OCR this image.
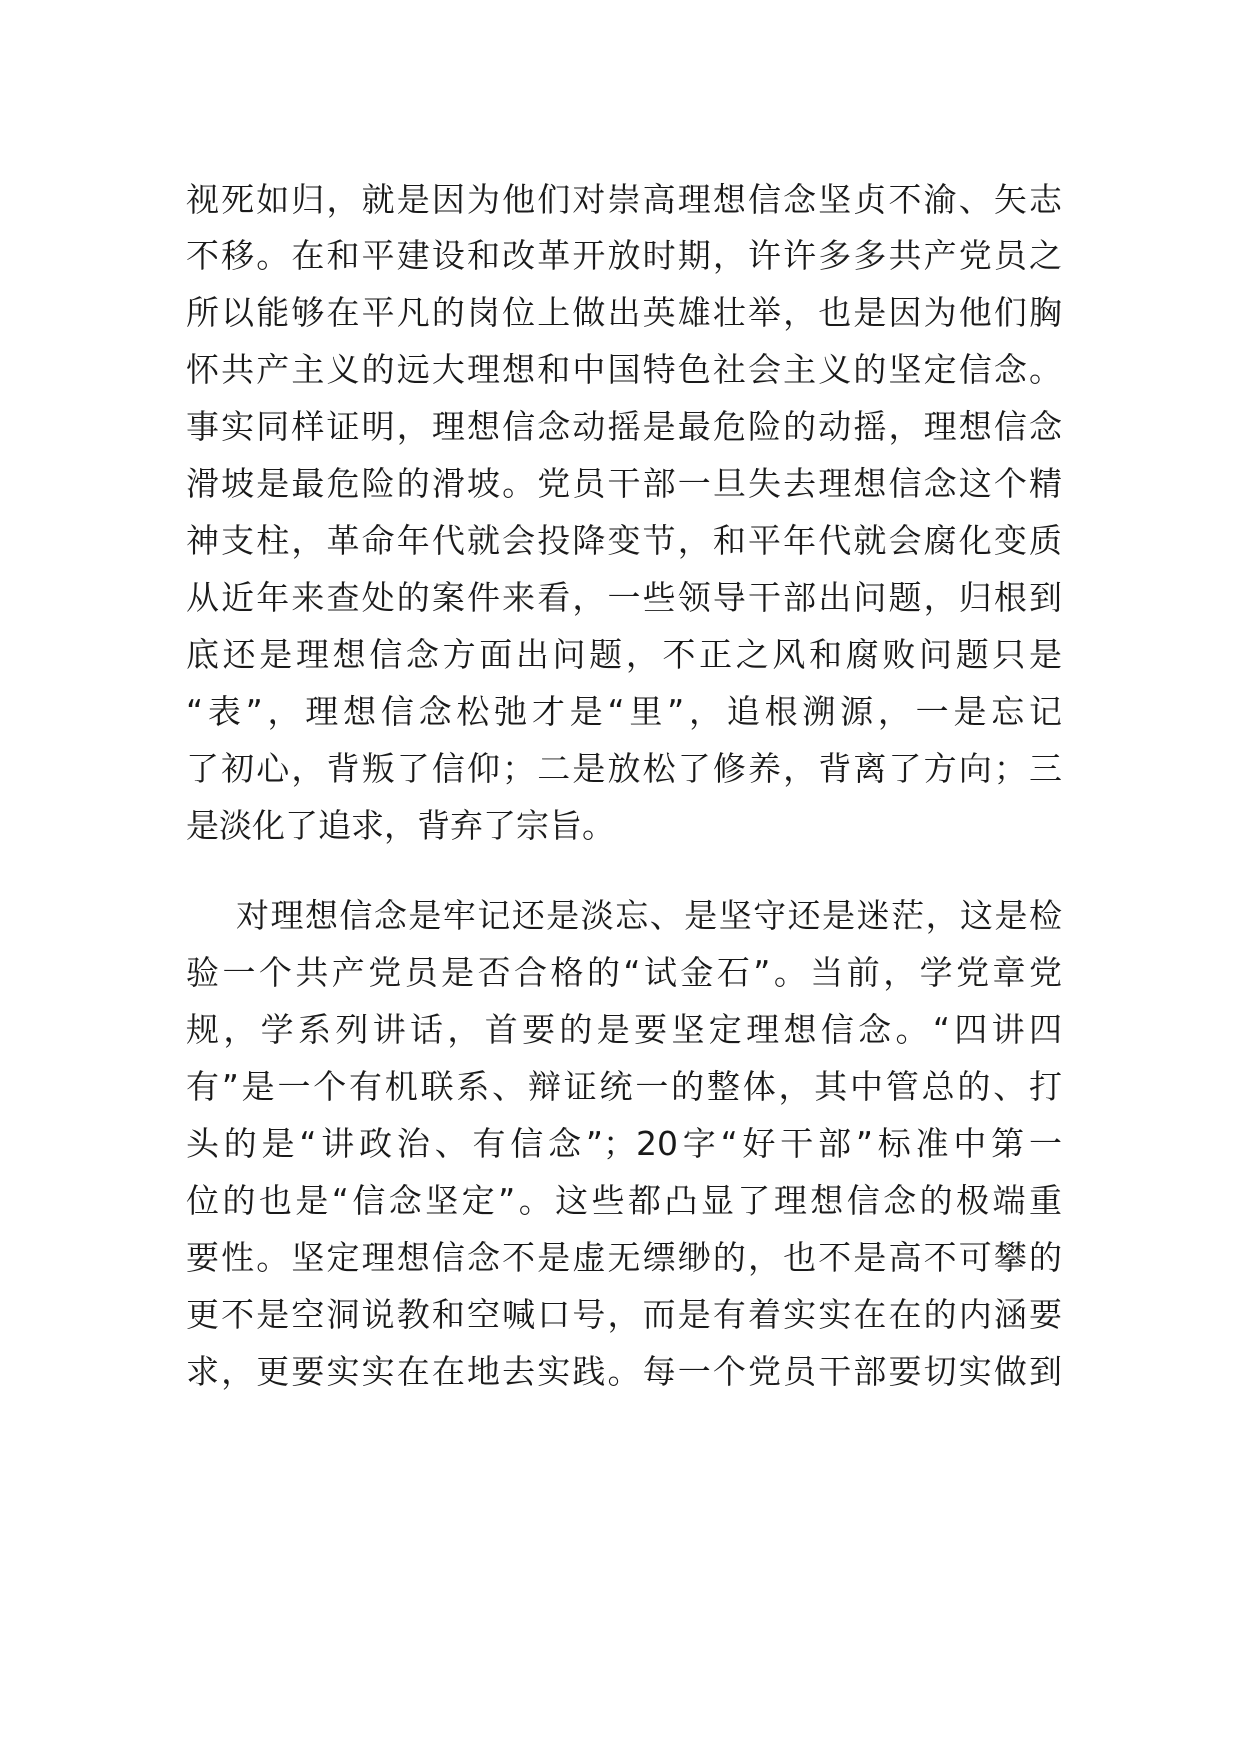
视死如归，就是因为他们对崇高理想信念坚贞不渝、矢志
不移。在和平建设和改革开放时期，许许多多共产党员之
所以能够在平凡的岗位上做出英雄壮举，也是因为他们胸
怀共产主义的远大理想和中国特色社会主义的坚定信念。
事实同样证明，理想信念动摇是最危险的动摇，理想信念
滑坡是最危险的滑坡。党员干部一旦失去理想信念这个精
神支柱，革命年代就会投降变节，和平年代就会腐化变质
从近年来查处的案件来看，一些领导干部出问题，归根到
底还是理想信念方面出问题，不正之风和腐败问题只是
“表”，理想信念松弛才是“里”，追根溯源，一是忘记
了初心，背叛了信仰；二是放松了修养，背离了方向；三
是淡化了追求，背弃了宗旨。
对理想信念是牢记还是淡忘、是坚守还是迷茫，这是检
验一个共产党员是否合格的“试金石”。当前，学党章党
规，学系列讲话，首要的是要坚定理想信念。“四讲四
有”是一个有机联系、辩证统一的整体，其中管总的、打
头的是“讲政治、有信念”；20字“好干部”标准中第一
位的也是“信念坚定”。这些都凸显了理想信念的极端重
要性。坚定理想信念不是虚无缥缈的，也不是高不可攀的
更不是空洞说教和空喊口号，而是有着实实在在的内涵要
求，更要实实在在地去实践。每一个党员干部要切实做到
